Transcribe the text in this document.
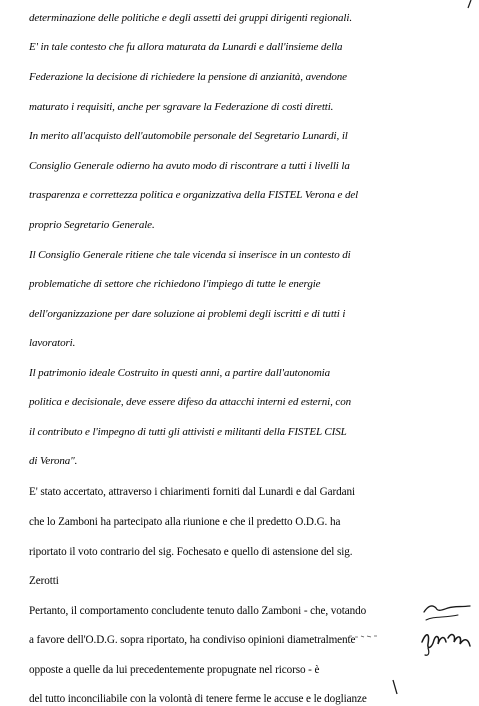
determinazione delle politiche e degli assetti dei gruppi dirigenti regionali.
E' in tale contesto che fu allora maturata da Lunardi e dall'insieme della
Federazione la decisione di richiedere la pensione di anzianità, avendone
maturato i requisiti, anche per sgravare la Federazione di costi diretti.
In merito all'acquisto dell'automobile personale del Segretario Lunardi, il
Consiglio Generale odierno ha avuto modo di riscontrare a tutti i livelli la
trasparenza e correttezza politica e organizzativa della FISTEL Verona e del
proprio Segretario Generale.
Il Consiglio Generale ritiene che tale vicenda si inserisce in un contesto di
problematiche di settore che richiedono l'impiego di tutte le energie
dell'organizzazione per dare soluzione ai problemi degli iscritti e di tutti i
lavoratori.
Il patrimonio ideale Costruito in questi anni, a partire dall'autonomia
politica e decisionale, deve essere difeso da attacchi interni ed esterni, con
il contributo e l'impegno di tutti gli attivisti e militanti della FISTEL CISL
di Verona".
E' stato accertato, attraverso i chiarimenti forniti dal Lunardi e dal Gardani
che lo Zamboni ha partecipato alla riunione e che il predetto O.D.G. ha
riportato il voto contrario del sig. Fochesato e quello di astensione del sig.
Zerotti
Pertanto, il comportamento concludente tenuto dallo Zamboni - che, votando
a favore dell'O.D.G. sopra riportato, ha condiviso opinioni diametralmente
opposte a quelle da lui precedentemente propugnate nel ricorso - è
del tutto inconciliabile con la volontà di tenere ferme le accuse e le doglianze
